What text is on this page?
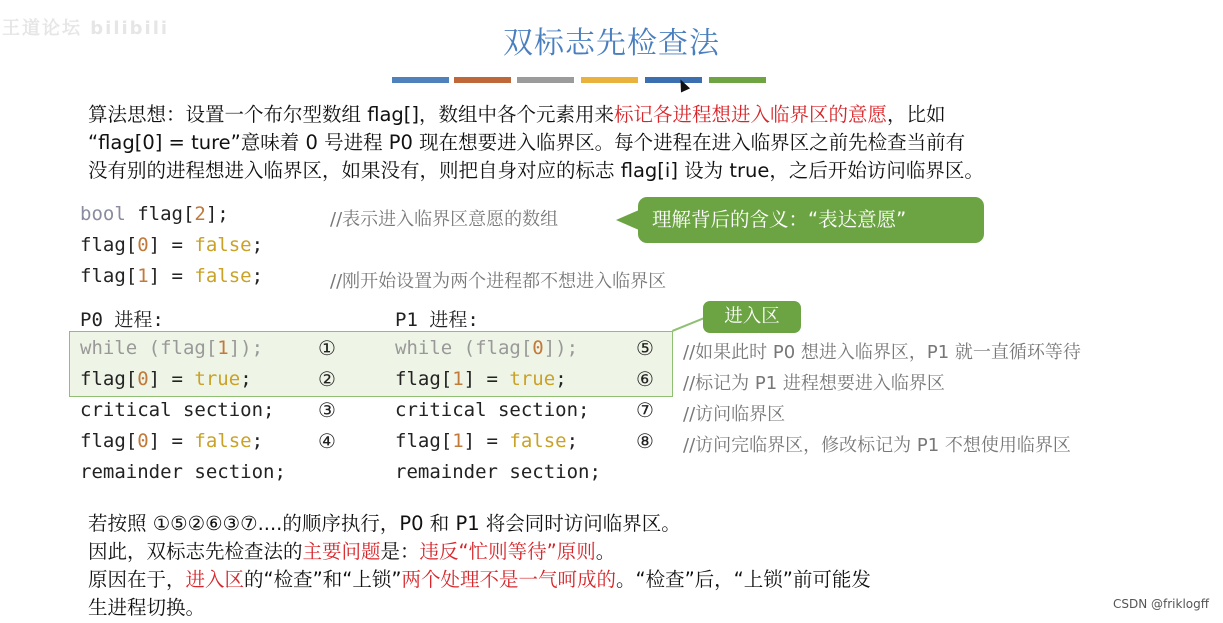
王道论坛 bilibili	双标志先检查法
算法思想：设置一个布尔型数组 flag[]，数组中各个元素用来标记各进程想进入临界区的意愿，比如
“flag[0] = ture”意味着 0 号进程 P0 现在想要进入临界区。每个进程在进入临界区之前先检查当前有
没有别的进程想进入临界区，如果没有，则把自身对应的标志 flag[i] 设为 true，之后开始访问临界区。
bool flag[2];	//表示进入临界区意愿的数组
flag[0] = false;
flag[1] = false;	//刚开始设置为两个进程都不想进入临界区
理解背后的含义：“表达意愿”
进入区
P0 进程:
while (flag[1]);	①
flag[0] = true;	②
critical section; ③
flag[0] = false;	④
remainder section;
P1 进程:
while (flag[0]);	⑤
flag[1] = true;	⑥
critical section; ⑦
flag[1] = false;	⑧
remainder section;
//如果此时 P0 想进入临界区，P1 就一直循环等待
//标记为 P1 进程想要进入临界区
//访问临界区
//访问完临界区，修改标记为 P1 不想使用临界区
若按照 ①⑤②⑥③⑦....的顺序执行，P0 和 P1 将会同时访问临界区。
因此，双标志先检查法的主要问题是：违反“忙则等待”原则。
原因在于，进入区的“检查”和“上锁”两个处理不是一气呵成的。“检查”后，“上锁”前可能发
生进程切换。	CSDN @friklogff
